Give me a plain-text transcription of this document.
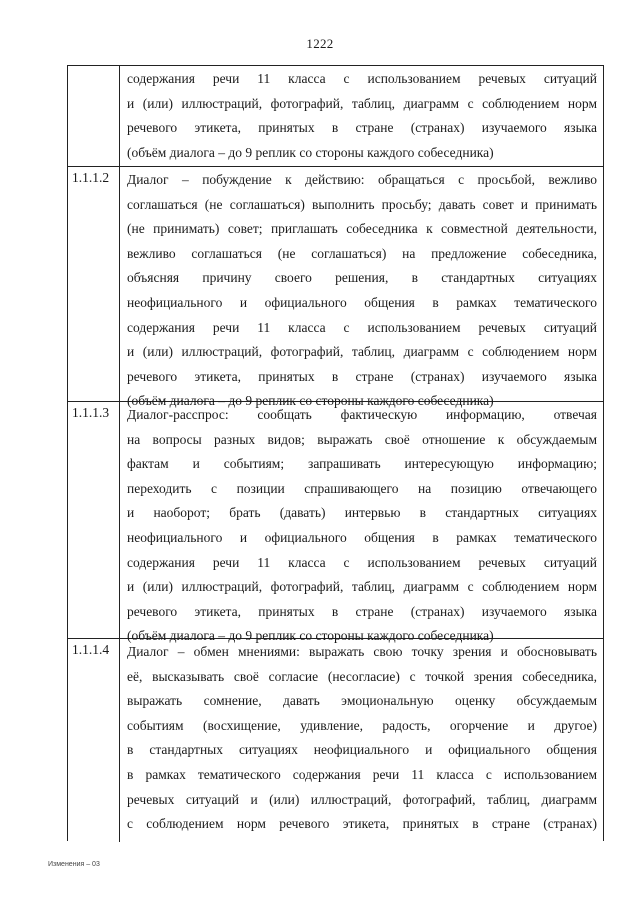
1222
содержания речи 11 класса с использованием речевых ситуаций
и (или) иллюстраций, фотографий, таблиц, диаграмм с соблюдением норм
речевого этикета, принятых в стране (странах) изучаемого языка
(объём диалога – до 9 реплик со стороны каждого собеседника)
1.1.1.2	Диалог – побуждение к действию: обращаться с просьбой, вежливо
соглашаться (не соглашаться) выполнить просьбу; давать совет и принимать
(не принимать) совет; приглашать собеседника к совместной деятельности,
вежливо соглашаться (не соглашаться) на предложение собеседника,
объясняя причину своего решения, в стандартных ситуациях
неофициального и официального общения в рамках тематического
содержания речи 11 класса с использованием речевых ситуаций
и (или) иллюстраций, фотографий, таблиц, диаграмм с соблюдением норм
речевого этикета, принятых в стране (странах) изучаемого языка
(объём диалога – до 9 реплик со стороны каждого собеседника)
1.1.1.3	Диалог-расспрос: сообщать фактическую информацию, отвечая
на вопросы разных видов; выражать своё отношение к обсуждаемым
фактам и событиям; запрашивать интересующую информацию;
переходить с позиции спрашивающего на позицию отвечающего
и наоборот; брать (давать) интервью в стандартных ситуациях
неофициального и официального общения в рамках тематического
содержания речи 11 класса с использованием речевых ситуаций
и (или) иллюстраций, фотографий, таблиц, диаграмм с соблюдением норм
речевого этикета, принятых в стране (странах) изучаемого языка
(объём диалога – до 9 реплик со стороны каждого собеседника)
1.1.1.4	Диалог – обмен мнениями: выражать свою точку зрения и обосновывать
её, высказывать своё согласие (несогласие) с точкой зрения собеседника,
выражать сомнение, давать эмоциональную оценку обсуждаемым
событиям (восхищение, удивление, радость, огорчение и другое)
в стандартных ситуациях неофициального и официального общения
в рамках тематического содержания речи 11 класса с использованием
речевых ситуаций и (или) иллюстраций, фотографий, таблиц, диаграмм
с соблюдением норм речевого этикета, принятых в стране (странах)
Изменения – 03
